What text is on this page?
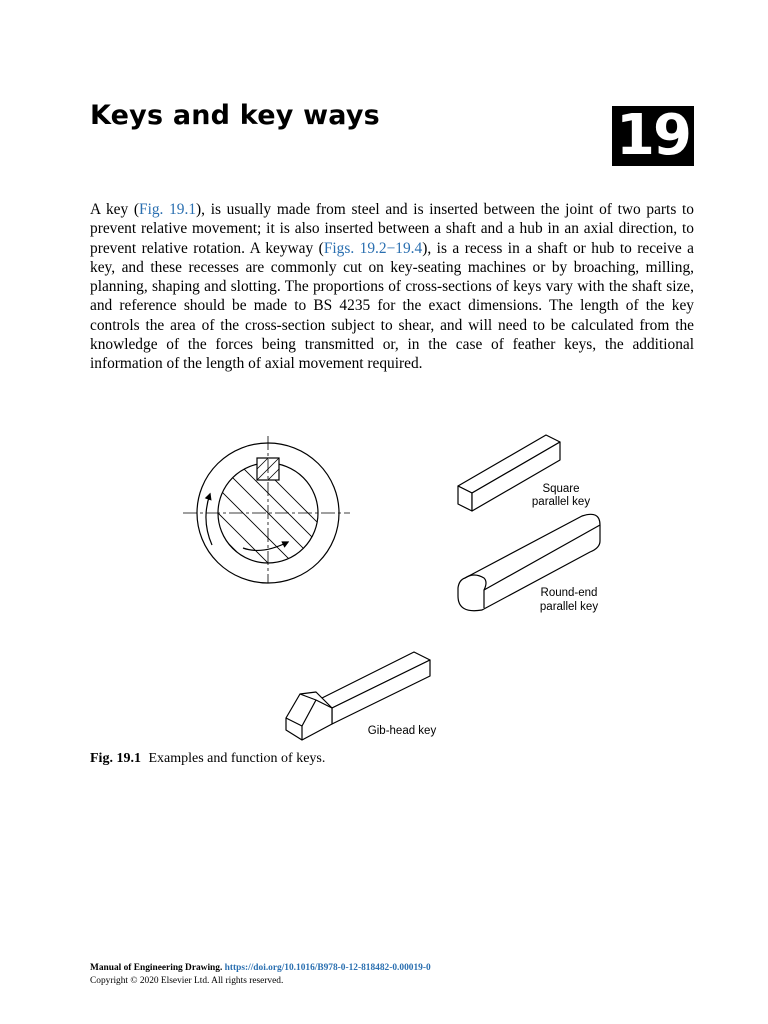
Keys and key ways	19

A key (Fig. 19.1), is usually made from steel and is inserted between the joint of two parts to prevent relative movement; it is also inserted between a shaft and a hub in an axial direction, to prevent relative rotation. A keyway (Figs. 19.2−19.4), is a recess in a shaft or hub to receive a key, and these recesses are commonly cut on key-seating machines or by broaching, milling, planning, shaping and slotting. The proportions of cross-sections of keys vary with the shaft size, and reference should be made to BS 4235 for the exact dimensions. The length of the key controls the area of the cross-section subject to shear, and will need to be calculated from the knowledge of the forces being transmitted or, in the case of feather keys, the additional information of the length of axial movement required.

Square
parallel key
Round-end
parallel key
Gib-head key

Fig. 19.1 Examples and function of keys.

Manual of Engineering Drawing. https://doi.org/10.1016/B978-0-12-818482-0.00019-0
Copyright © 2020 Elsevier Ltd. All rights reserved.
